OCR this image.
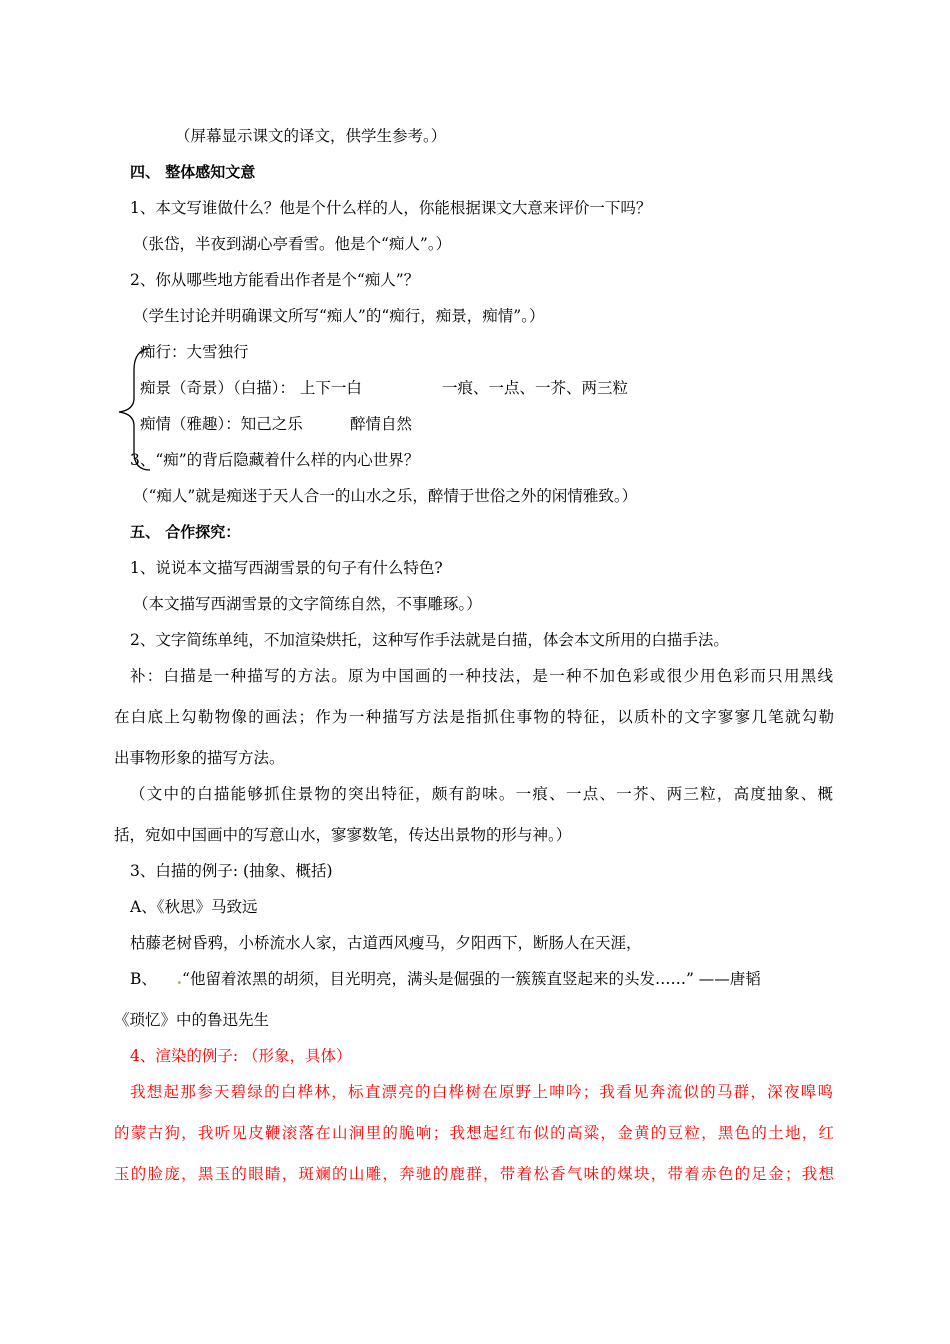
（屏幕显示课文的译文，供学生参考。）
四、 整体感知文意
1、本文写谁做什么？他是个什么样的人，你能根据课文大意来评价一下吗？
（张岱，半夜到湖心亭看雪。他是个“痴人”。）
2、你从哪些地方能看出作者是个“痴人”？
（学生讨论并明确课文所写“痴人”的“痴行，痴景，痴情”。）
痴行：大雪独行
痴景（奇景）（白描）： 上下一白	一痕、一点、一芥、两三粒
痴情（雅趣）：知己之乐	醉情自然
3、“痴”的背后隐藏着什么样的内心世界？
（“痴人”就是痴迷于天人合一的山水之乐，醉情于世俗之外的闲情雅致。）
五、 合作探究：
1、说说本文描写西湖雪景的句子有什么特色?
（本文描写西湖雪景的文字简练自然，不事雕琢。）
2、文字简练单纯，不加渲染烘托，这种写作手法就是白描，体会本文所用的白描手法。
补：白描是一种描写的方法。原为中国画的一种技法，是一种不加色彩或很少用色彩而只用黑线
在白底上勾勒物像的画法；作为一种描写方法是指抓住事物的特征，以质朴的文字寥寥几笔就勾勒
出事物形象的描写方法。
（文中的白描能够抓住景物的突出特征，颇有韵味。一痕、一点、一芥、两三粒，高度抽象、概
括，宛如中国画中的写意山水，寥寥数笔，传达出景物的形与神。）
3、白描的例子: (抽象、概括)
A、《秋思》马致远
枯藤老树昏鸦，小桥流水人家，古道西风瘦马，夕阳西下，断肠人在天涯，
B、 .“他留着浓黑的胡须，目光明亮，满头是倔强的一簇簇直竖起来的头发……” ——唐韬
《琐忆》中的鲁迅先生
4、渲染的例子: （形象，具体）
我想起那参天碧绿的白桦林，标直漂亮的白桦树在原野上呻吟；我看见奔流似的马群，深夜嗥鸣
的蒙古狗，我听见皮鞭滚落在山涧里的脆响；我想起红布似的高粱，金黄的豆粒，黑色的土地，红
玉的脸庞，黑玉的眼睛，斑斓的山雕，奔驰的鹿群，带着松香气味的煤块，带着赤色的足金；我想
